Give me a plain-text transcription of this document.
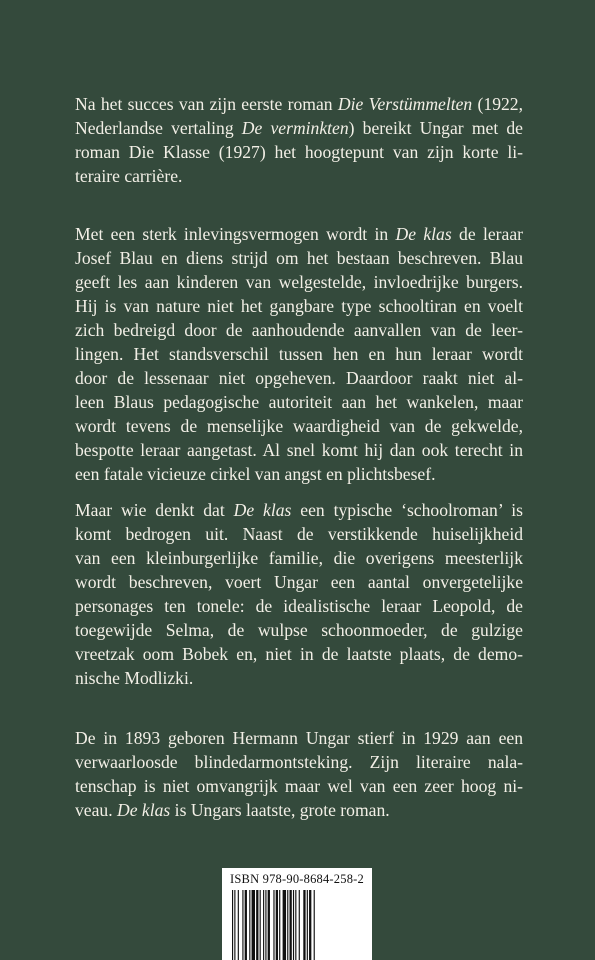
Na het succes van zijn eerste roman Die Verstümmelten (1922,
Nederlandse vertaling De verminkten) bereikt Ungar met de
roman Die Klasse (1927) het hoogtepunt van zijn korte li-
teraire carrière.
Met een sterk inlevingsvermogen wordt in De klas de leraar
Josef Blau en diens strijd om het bestaan beschreven. Blau
geeft les aan kinderen van welgestelde, invloedrijke burgers.
Hij is van nature niet het gangbare type schooltiran en voelt
zich bedreigd door de aanhoudende aanvallen van de leer-
lingen. Het standsverschil tussen hen en hun leraar wordt
door de lessenaar niet opgeheven. Daardoor raakt niet al-
leen Blaus pedagogische autoriteit aan het wankelen, maar
wordt tevens de menselijke waardigheid van de gekwelde,
bespotte leraar aangetast. Al snel komt hij dan ook terecht in
een fatale vicieuze cirkel van angst en plichtsbesef.
Maar wie denkt dat De klas een typische ‘schoolroman’ is
komt bedrogen uit. Naast de verstikkende huiselijkheid
van een kleinburgerlijke familie, die overigens meesterlijk
wordt beschreven, voert Ungar een aantal onvergetelijke
personages ten tonele: de idealistische leraar Leopold, de
toegewijde Selma, de wulpse schoonmoeder, de gulzige
vreetzak oom Bobek en, niet in de laatste plaats, de demo-
nische Modlizki.
De in 1893 geboren Hermann Ungar stierf in 1929 aan een
verwaarloosde blindedarmontsteking. Zijn literaire nala-
tenschap is niet omvangrijk maar wel van een zeer hoog ni-
veau. De klas is Ungars laatste, grote roman.
ISBN 978-90-8684-258-2
